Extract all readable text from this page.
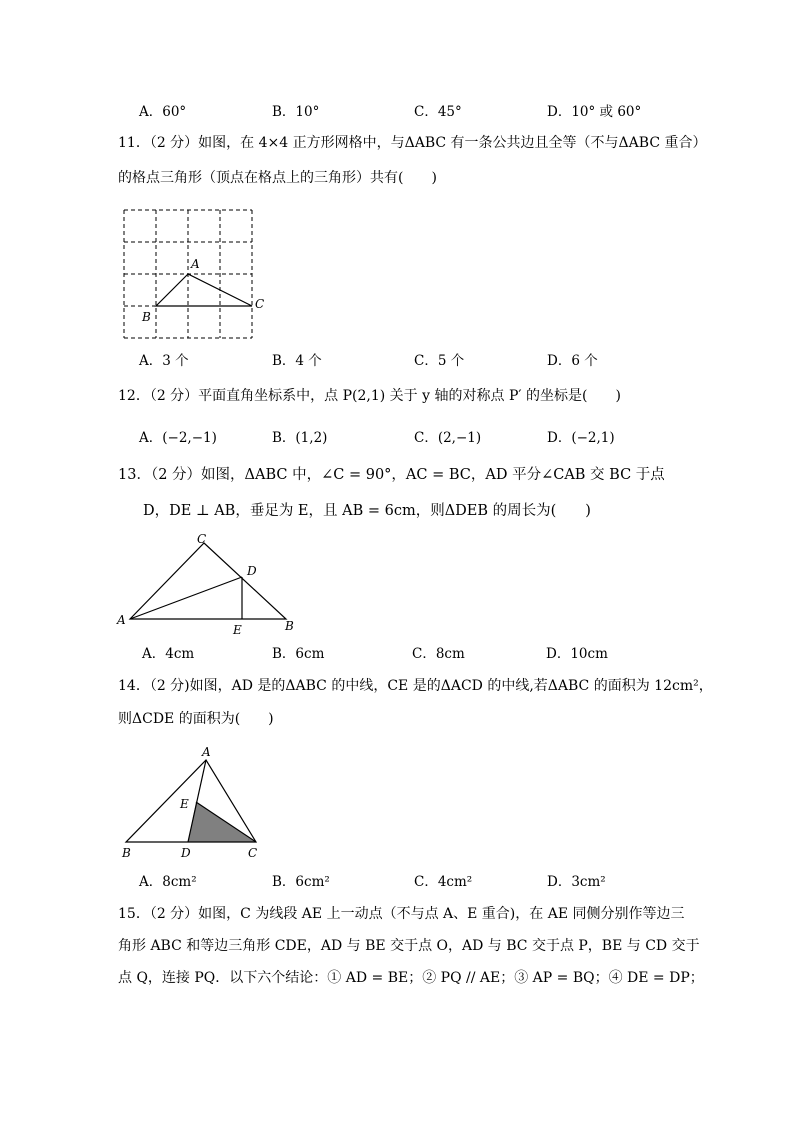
A．60°	B．10°	C．45°	D．10° 或 60°
11．（2 分）如图，在 4×4 正方形网格中，与ΔABC 有一条公共边且全等（不与ΔABC 重合）
的格点三角形（顶点在格点上的三角形）共有(　　)
A
B
C
A．3 个	B．4 个	C．5 个	D．6 个
12．（2 分）平面直角坐标系中，点 P(2,1) 关于 y 轴的对称点 P′ 的坐标是(　　)
A．(−2,−1)	B．(1,2)	C．(2,−1)	D．(−2,1)
13．（2 分）如图，ΔABC 中，∠C = 90°，AC = BC，AD 平分∠CAB 交 BC 于点
D，DE ⊥ AB，垂足为 E，且 AB = 6cm，则ΔDEB 的周长为(　　)
A
C
D
E	B
A．4cm	B．6cm	C．8cm	D．10cm
14．（2 分)如图，AD 是的ΔABC 的中线，CE 是的ΔACD 的中线,若ΔABC 的面积为 12cm²，
则ΔCDE 的面积为(　　)
A
E
B	D	C
A．8cm²	B．6cm²	C．4cm²	D．3cm²
15．（2 分）如图，C 为线段 AE 上一动点（不与点 A、E 重合)，在 AE 同侧分别作等边三
角形 ABC 和等边三角形 CDE，AD 与 BE 交于点 O，AD 与 BC 交于点 P，BE 与 CD 交于
点 Q，连接 PQ．以下六个结论：① AD = BE；② PQ // AE；③ AP = BQ；④ DE = DP；
